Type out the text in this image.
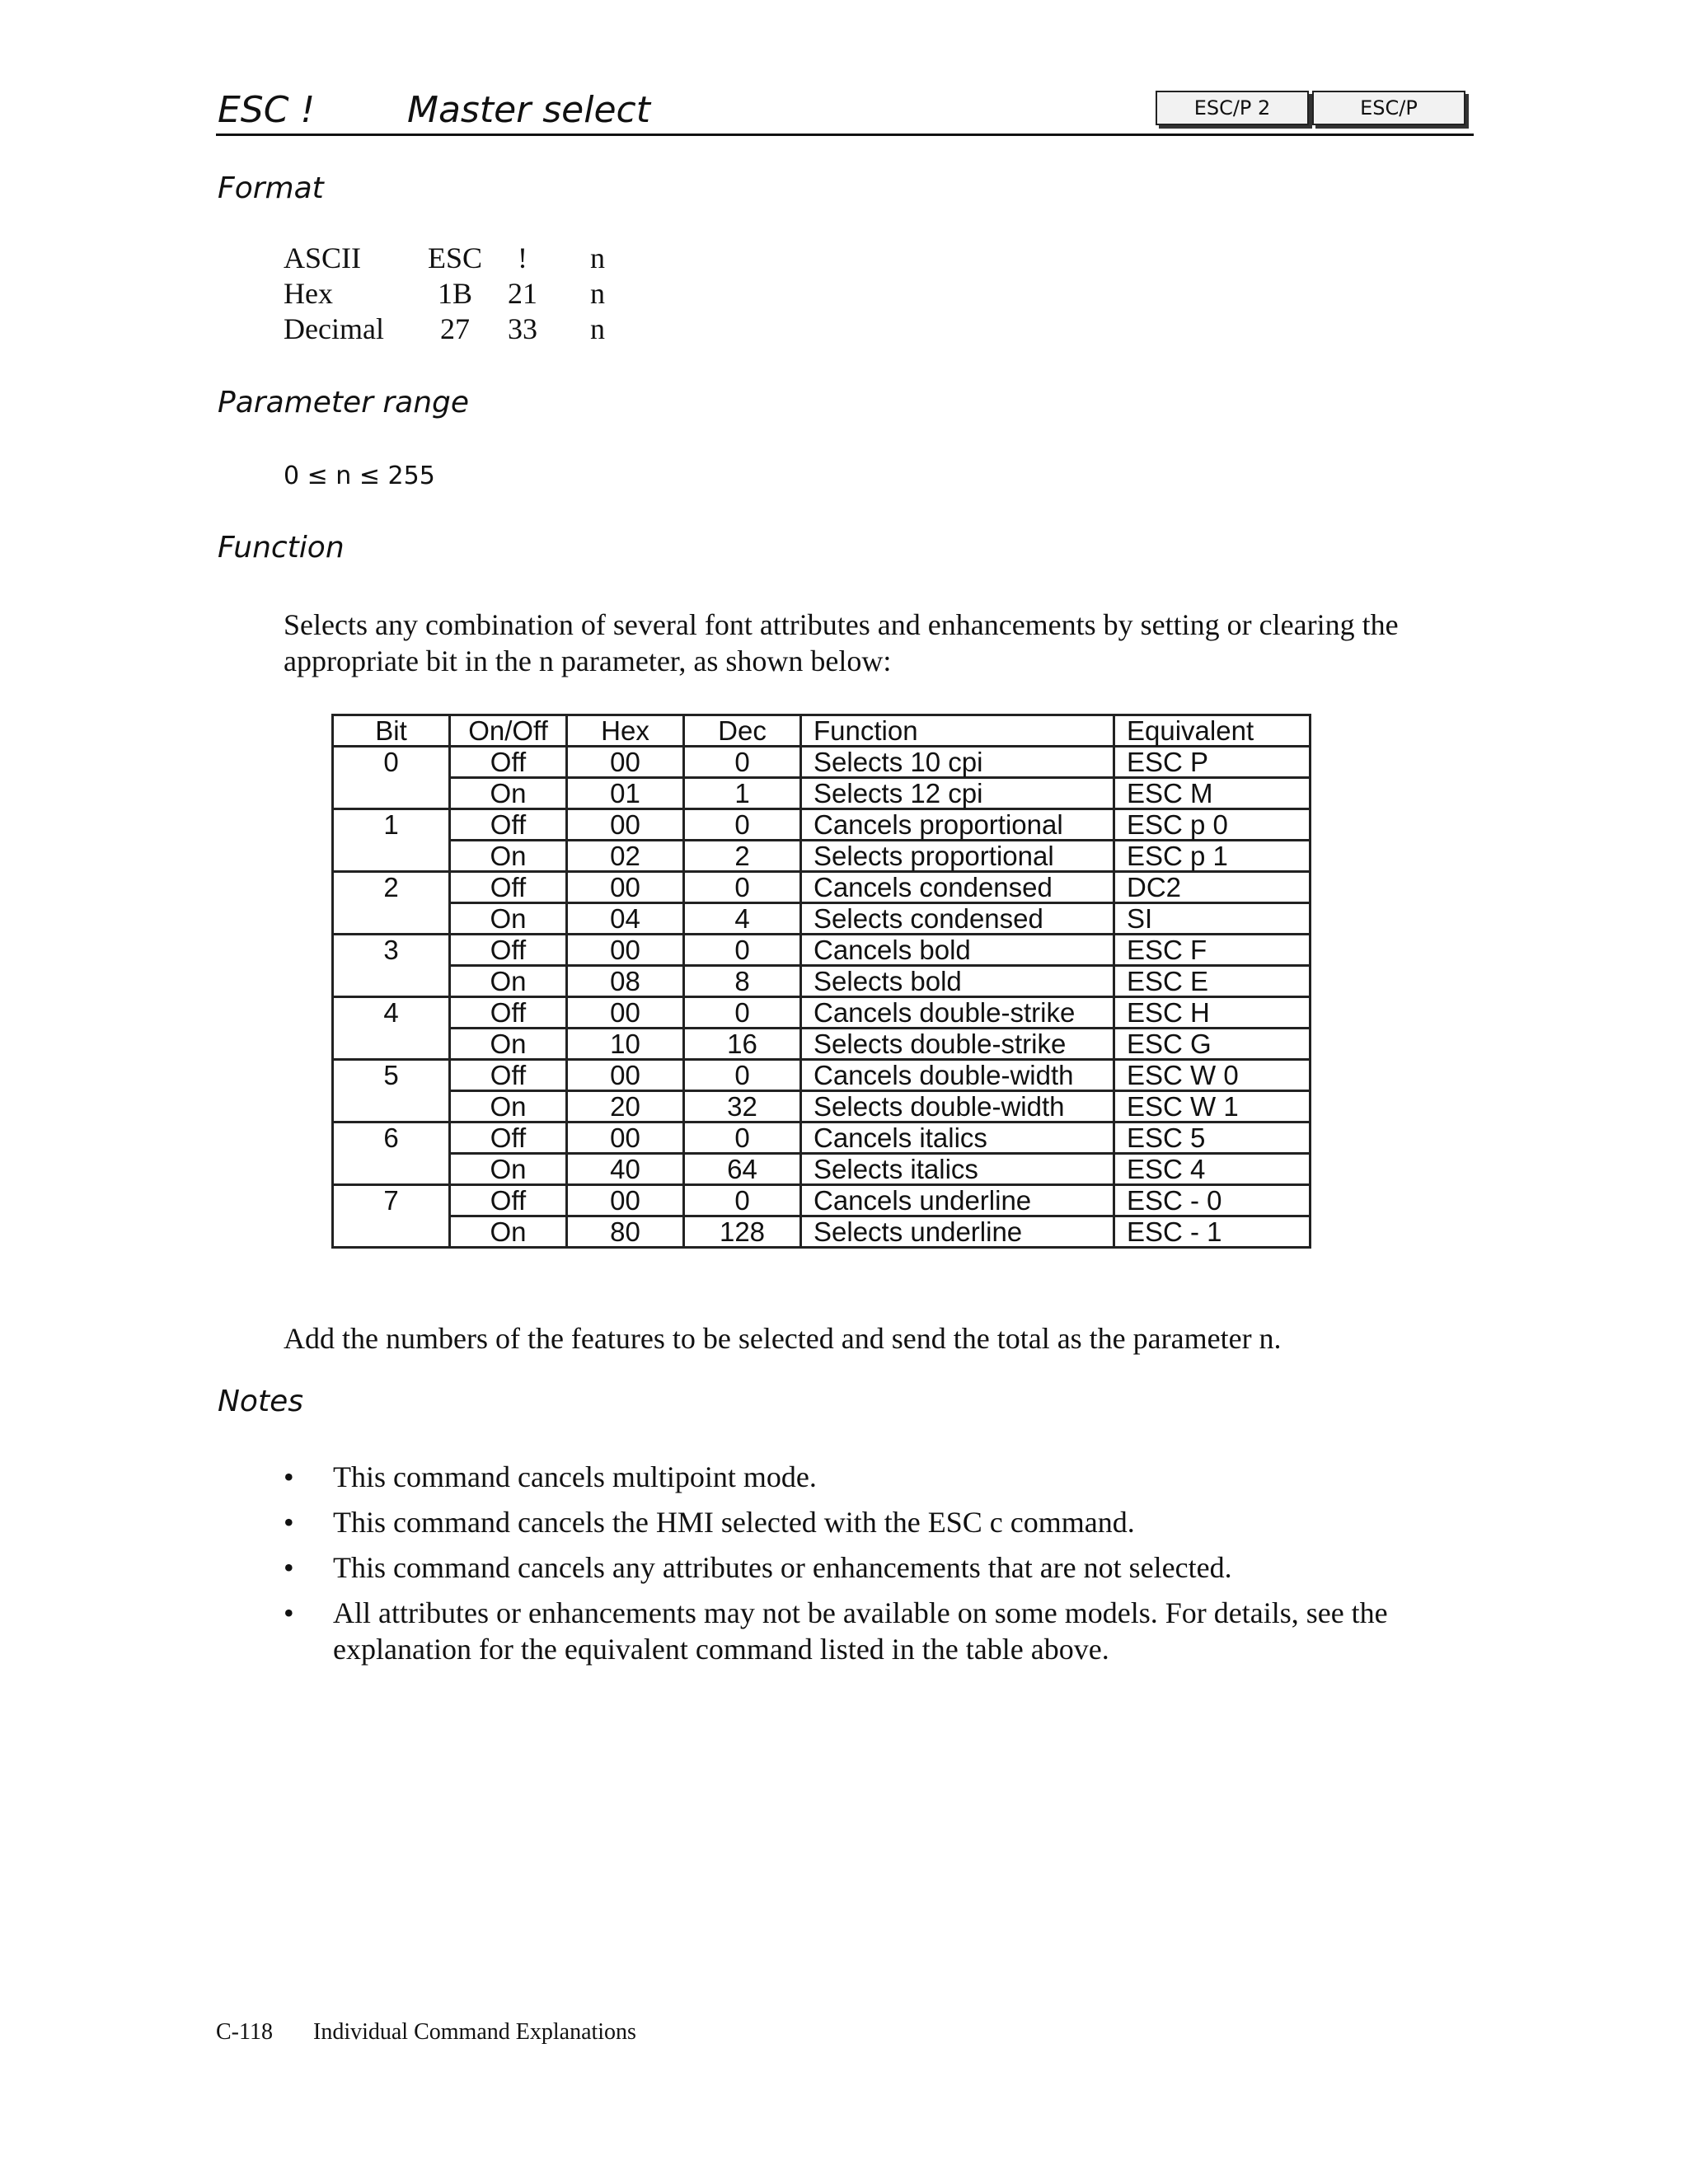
ESC !	Master select	ESC/P 2	ESC/P
Format
ASCII	ESC	!	n
Hex	1B	21	n
Decimal	27	33	n
Parameter range
0 ≤ n ≤ 255
Function
Selects any combination of several font attributes and enhancements by setting or clearing the appropriate bit in the n parameter, as shown below:
Bit	On/Off	Hex	Dec	Function	Equivalent
0	Off	00	0	Selects 10 cpi	ESC P
	On	01	1	Selects 12 cpi	ESC M
1	Off	00	0	Cancels proportional	ESC p 0
	On	02	2	Selects proportional	ESC p 1
2	Off	00	0	Cancels condensed	DC2
	On	04	4	Selects condensed	SI
3	Off	00	0	Cancels bold	ESC F
	On	08	8	Selects bold	ESC E
4	Off	00	0	Cancels double-strike	ESC H
	On	10	16	Selects double-strike	ESC G
5	Off	00	0	Cancels double-width	ESC W 0
	On	20	32	Selects double-width	ESC W 1
6	Off	00	0	Cancels italics	ESC 5
	On	40	64	Selects italics	ESC 4
7	Off	00	0	Cancels underline	ESC - 0
	On	80	128	Selects underline	ESC - 1
Add the numbers of the features to be selected and send the total as the parameter n.
Notes
• This command cancels multipoint mode.
• This command cancels the HMI selected with the ESC c command.
• This command cancels any attributes or enhancements that are not selected.
• All attributes or enhancements may not be available on some models. For details, see the explanation for the equivalent command listed in the table above.
C-118 Individual Command Explanations
